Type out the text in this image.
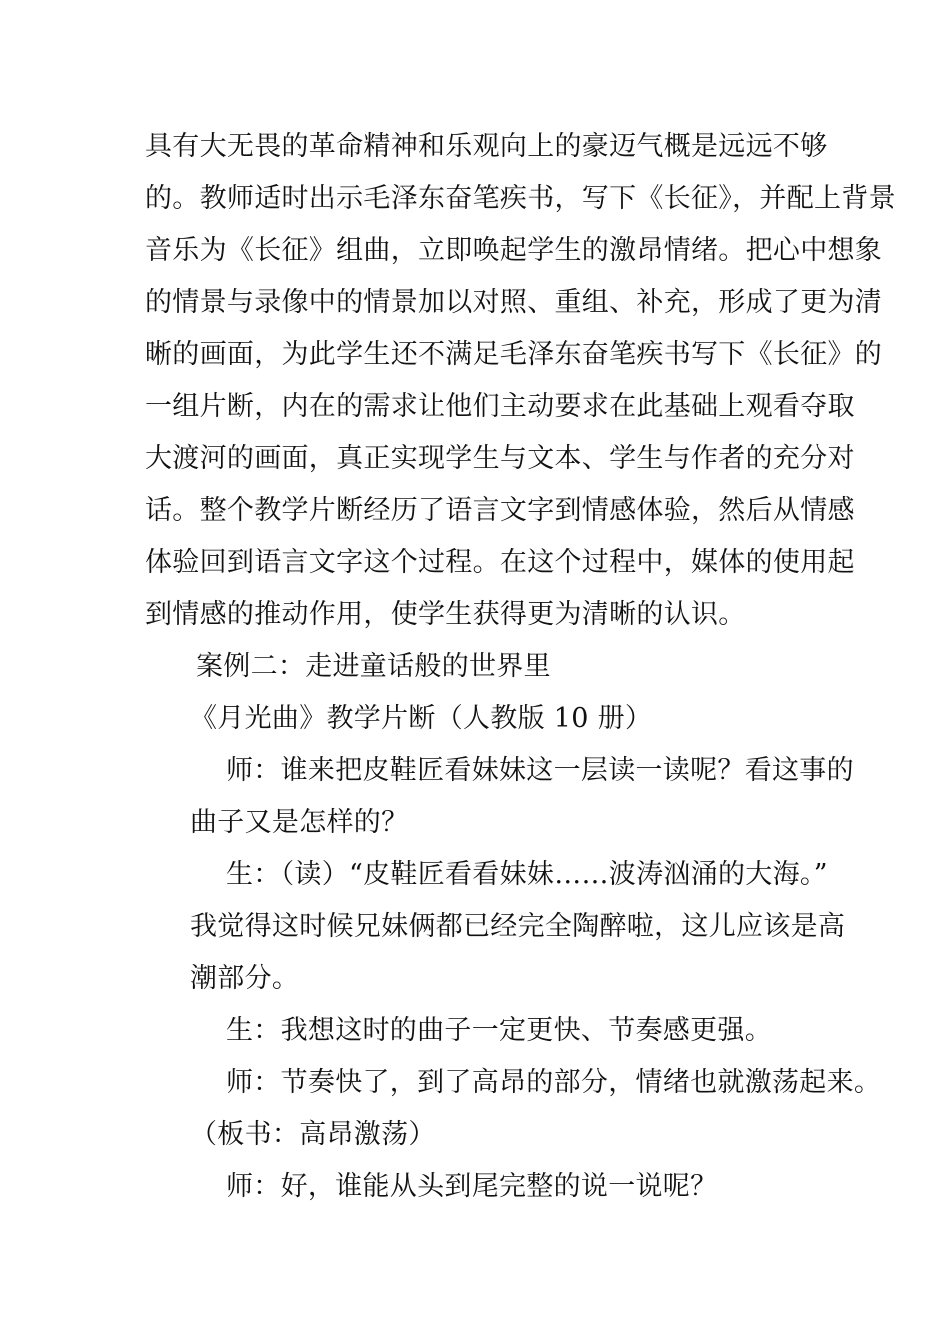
具有大无畏的革命精神和乐观向上的豪迈气概是远远不够
的。教师适时出示毛泽东奋笔疾书，写下《长征》，并配上背景
音乐为《长征》组曲，立即唤起学生的激昂情绪。把心中想象
的情景与录像中的情景加以对照、重组、补充，形成了更为清
晰的画面，为此学生还不满足毛泽东奋笔疾书写下《长征》的
一组片断，内在的需求让他们主动要求在此基础上观看夺取
大渡河的画面，真正实现学生与文本、学生与作者的充分对
话。整个教学片断经历了语言文字到情感体验，然后从情感
体验回到语言文字这个过程。在这个过程中，媒体的使用起
到情感的推动作用，使学生获得更为清晰的认识。
案例二：走进童话般的世界里
《月光曲》教学片断（人教版 10 册）
师：谁来把皮鞋匠看妹妹这一层读一读呢？看这事的
曲子又是怎样的？
生：（读）“皮鞋匠看看妹妹……波涛汹涌的大海。”
我觉得这时候兄妹俩都已经完全陶醉啦，这儿应该是高
潮部分。
生：我想这时的曲子一定更快、节奏感更强。
师：节奏快了，到了高昂的部分，情绪也就激荡起来。
（板书：高昂激荡）
师：好，谁能从头到尾完整的说一说呢？
